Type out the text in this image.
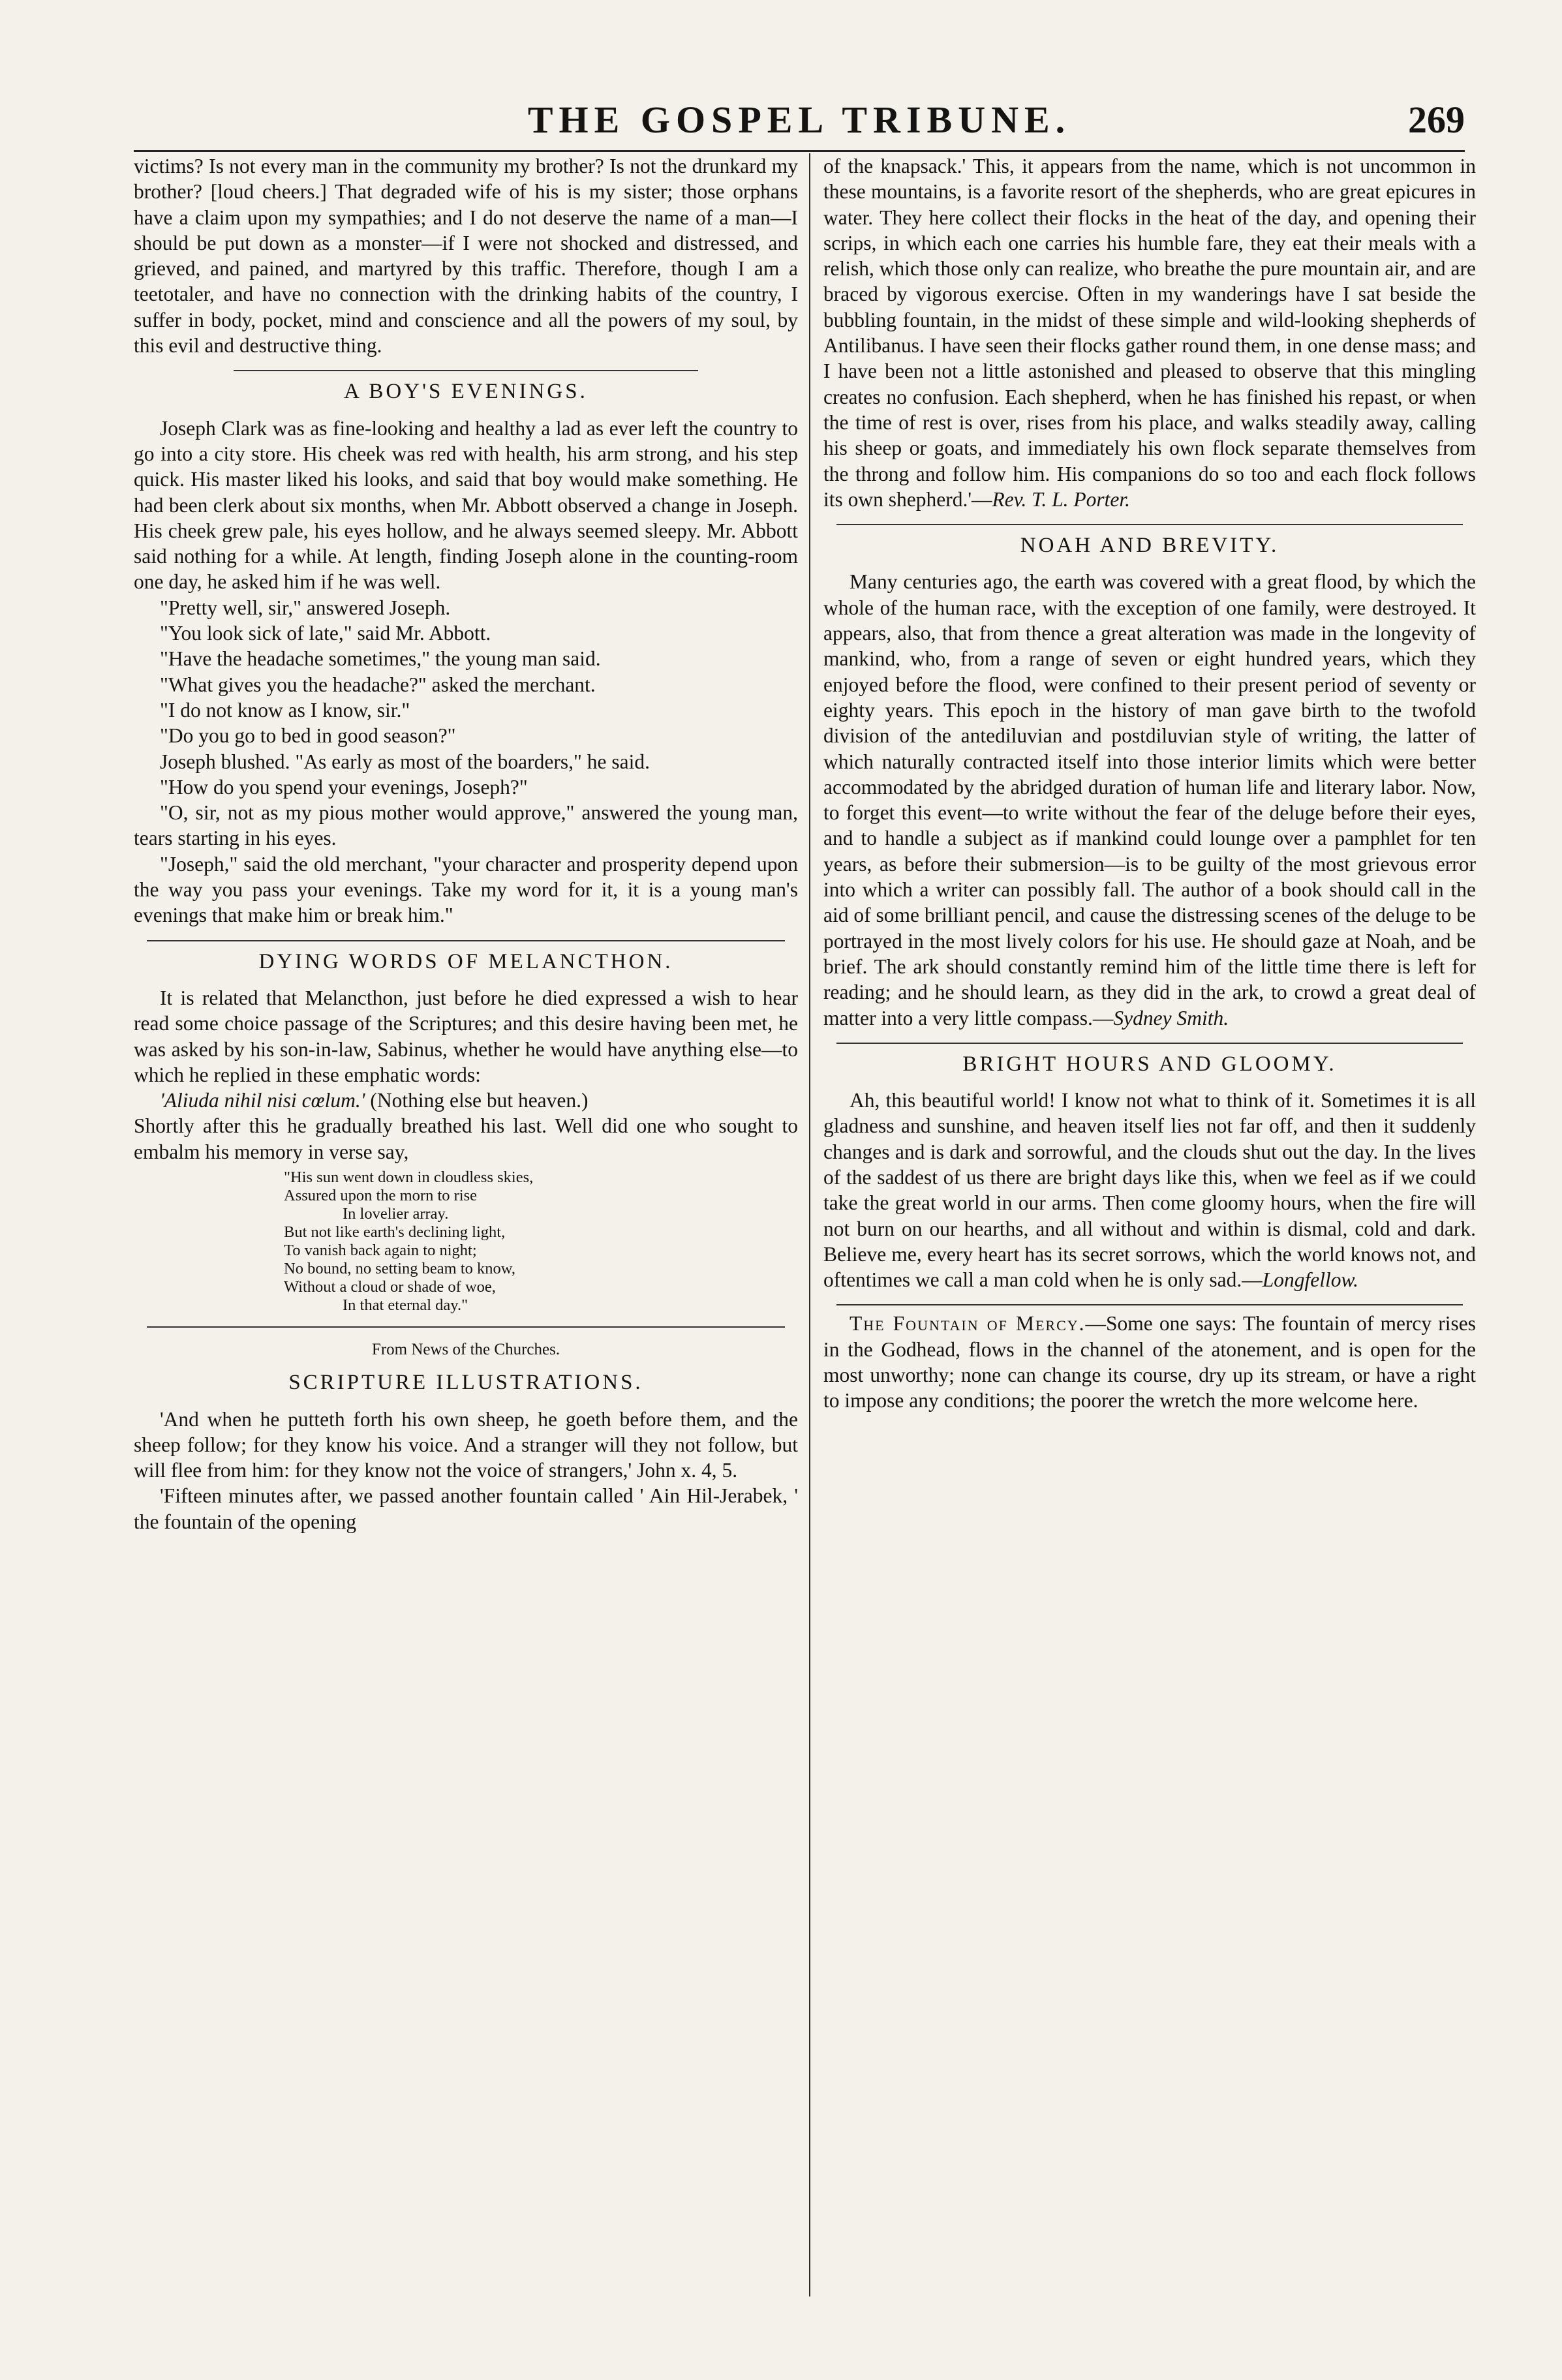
THE GOSPEL TRIBUNE.	269

victims? Is not every man in the community my brother? Is not the drunkard my brother? [loud cheers.] That degraded wife of his is my sister; those orphans have a claim upon my sympathies; and I do not deserve the name of a man—I should be put down as a monster—if I were not shocked and distressed, and grieved, and pained, and martyred by this traffic. Therefore, though I am a teetotaler, and have no connection with the drinking habits of the country, I suffer in body, pocket, mind and conscience and all the powers of my soul, by this evil and destructive thing.

A BOY'S EVENINGS.

Joseph Clark was as fine-looking and healthy a lad as ever left the country to go into a city store. His cheek was red with health, his arm strong, and his step quick. His master liked his looks, and said that boy would make something. He had been clerk about six months, when Mr. Abbott observed a change in Joseph. His cheek grew pale, his eyes hollow, and he always seemed sleepy. Mr. Abbott said nothing for a while. At length, finding Joseph alone in the counting-room one day, he asked him if he was well.

"Pretty well, sir," answered Joseph.

"You look sick of late," said Mr. Abbott.

"Have the headache sometimes," the young man said.

"What gives you the headache?" asked the merchant.

"I do not know as I know, sir."

"Do you go to bed in good season?"

Joseph blushed. "As early as most of the boarders," he said.

"How do you spend your evenings, Joseph?"

"O, sir, not as my pious mother would approve," answered the young man, tears starting in his eyes.

"Joseph," said the old merchant, "your character and prosperity depend upon the way you pass your evenings. Take my word for it, it is a young man's evenings that make him or break him."

DYING WORDS OF MELANCTHON.

It is related that Melancthon, just before he died expressed a wish to hear read some choice passage of the Scriptures; and this desire having been met, he was asked by his son-in-law, Sabinus, whether he would have anything else—to which he replied in these emphatic words:

'Aliuda nihil nisi cœlum.' (Nothing else but heaven.)

Shortly after this he gradually breathed his last. Well did one who sought to embalm his memory in verse say,

"His sun went down in cloudless skies,
Assured upon the morn to rise
In lovelier array.
But not like earth's declining light,
To vanish back again to night;
No bound, no setting beam to know,
Without a cloud or shade of woe,
In that eternal day."
From News of the Churches.
SCRIPTURE ILLUSTRATIONS.

'And when he putteth forth his own sheep, he goeth before them, and the sheep follow; for they know his voice. And a stranger will they not follow, but will flee from him: for they know not the voice of strangers,' John x. 4, 5.

'Fifteen minutes after, we passed another fountain called ' Ain Hil-Jerabek, ' the fountain of the opening

of the knapsack.' This, it appears from the name, which is not uncommon in these mountains, is a favorite resort of the shepherds, who are great epicures in water. They here collect their flocks in the heat of the day, and opening their scrips, in which each one carries his humble fare, they eat their meals with a relish, which those only can realize, who breathe the pure mountain air, and are braced by vigorous exercise. Often in my wanderings have I sat beside the bubbling fountain, in the midst of these simple and wild-looking shepherds of Antilibanus. I have seen their flocks gather round them, in one dense mass; and I have been not a little astonished and pleased to observe that this mingling creates no confusion. Each shepherd, when he has finished his repast, or when the time of rest is over, rises from his place, and walks steadily away, calling his sheep or goats, and immediately his own flock separate themselves from the throng and follow him. His companions do so too and each flock follows its own shepherd.'—Rev. T. L. Porter.

NOAH AND BREVITY.

Many centuries ago, the earth was covered with a great flood, by which the whole of the human race, with the exception of one family, were destroyed. It appears, also, that from thence a great alteration was made in the longevity of mankind, who, from a range of seven or eight hundred years, which they enjoyed before the flood, were confined to their present period of seventy or eighty years. This epoch in the history of man gave birth to the twofold division of the antediluvian and postdiluvian style of writing, the latter of which naturally contracted itself into those interior limits which were better accommodated by the abridged duration of human life and literary labor. Now, to forget this event—to write without the fear of the deluge before their eyes, and to handle a subject as if mankind could lounge over a pamphlet for ten years, as before their submersion—is to be guilty of the most grievous error into which a writer can possibly fall. The author of a book should call in the aid of some brilliant pencil, and cause the distressing scenes of the deluge to be portrayed in the most lively colors for his use. He should gaze at Noah, and be brief. The ark should constantly remind him of the little time there is left for reading; and he should learn, as they did in the ark, to crowd a great deal of matter into a very little compass.—Sydney Smith.

BRIGHT HOURS AND GLOOMY.

Ah, this beautiful world! I know not what to think of it. Sometimes it is all gladness and sunshine, and heaven itself lies not far off, and then it suddenly changes and is dark and sorrowful, and the clouds shut out the day. In the lives of the saddest of us there are bright days like this, when we feel as if we could take the great world in our arms. Then come gloomy hours, when the fire will not burn on our hearths, and all without and within is dismal, cold and dark. Believe me, every heart has its secret sorrows, which the world knows not, and oftentimes we call a man cold when he is only sad.—Longfellow.

The Fountain of Mercy.—Some one says: The fountain of mercy rises in the Godhead, flows in the channel of the atonement, and is open for the most unworthy; none can change its course, dry up its stream, or have a right to impose any conditions; the poorer the wretch the more welcome here.
